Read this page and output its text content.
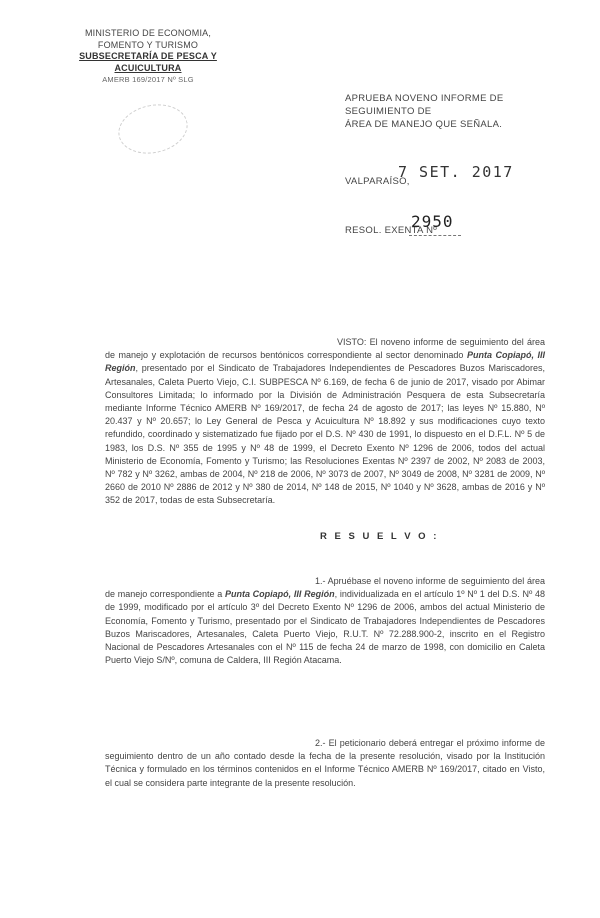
MINISTERIO DE ECONOMIA,
FOMENTO Y TURISMO
SUBSECRETARÍA DE PESCA Y ACUICULTURA
AMERB 169/2017 Nº SLG
APRUEBA NOVENO INFORME DE SEGUIMIENTO DE
ÁREA DE MANEJO QUE SEÑALA.
VALPARAÍSO,
7 SET. 2017
RESOL. EXENTA Nº
2950
VISTO: El noveno informe de seguimiento del área de manejo y explotación de recursos bentónicos correspondiente al sector denominado Punta Copiapó, III Región, presentado por el Sindicato de Trabajadores Independientes de Pescadores Buzos Mariscadores, Artesanales, Caleta Puerto Viejo, C.I. SUBPESCA Nº 6.169, de fecha 6 de junio de 2017, visado por Abimar Consultores Limitada; lo informado por la División de Administración Pesquera de esta Subsecretaría mediante Informe Técnico AMERB Nº 169/2017, de fecha 24 de agosto de 2017; las leyes Nº 15.880, Nº 20.437 y Nº 20.657; lo Ley General de Pesca y Acuicultura Nº 18.892 y sus modificaciones cuyo texto refundido, coordinado y sistematizado fue fijado por el D.S. Nº 430 de 1991, lo dispuesto en el D.F.L. Nº 5 de 1983, los D.S. Nº 355 de 1995 y Nº 48 de 1999, el Decreto Exento Nº 1296 de 2006, todos del actual Ministerio de Economía, Fomento y Turismo; las Resoluciones Exentas Nº 2397 de 2002, Nº 2083 de 2003, Nº 782 y Nº 3262, ambas de 2004, Nº 218 de 2006, Nº 3073 de 2007, Nº 3049 de 2008, Nº 3281 de 2009, Nº 2660 de 2010 Nº 2886 de 2012 y Nº 380 de 2014, Nº 148 de 2015, Nº 1040 y Nº 3628, ambas de 2016 y Nº 352 de 2017, todas de esta Subsecretaría.
R E S U E L V O :
1.- Apruébase el noveno informe de seguimiento del área de manejo correspondiente a Punta Copiapó, III Región, individualizada en el artículo 1º Nº 1 del D.S. Nº 48 de 1999, modificado por el artículo 3º del Decreto Exento Nº 1296 de 2006, ambos del actual Ministerio de Economía, Fomento y Turismo, presentado por el Sindicato de Trabajadores Independientes de Pescadores Buzos Mariscadores, Artesanales, Caleta Puerto Viejo, R.U.T. Nº 72.288.900-2, inscrito en el Registro Nacional de Pescadores Artesanales con el Nº 115 de fecha 24 de marzo de 1998, con domicilio en Caleta Puerto Viejo S/Nº, comuna de Caldera, III Región Atacama.
2.- El peticionario deberá entregar el próximo informe de seguimiento dentro de un año contado desde la fecha de la presente resolución, visado por la Institución Técnica y formulado en los términos contenidos en el Informe Técnico AMERB Nº 169/2017, citado en Visto, el cual se considera parte integrante de la presente resolución.
